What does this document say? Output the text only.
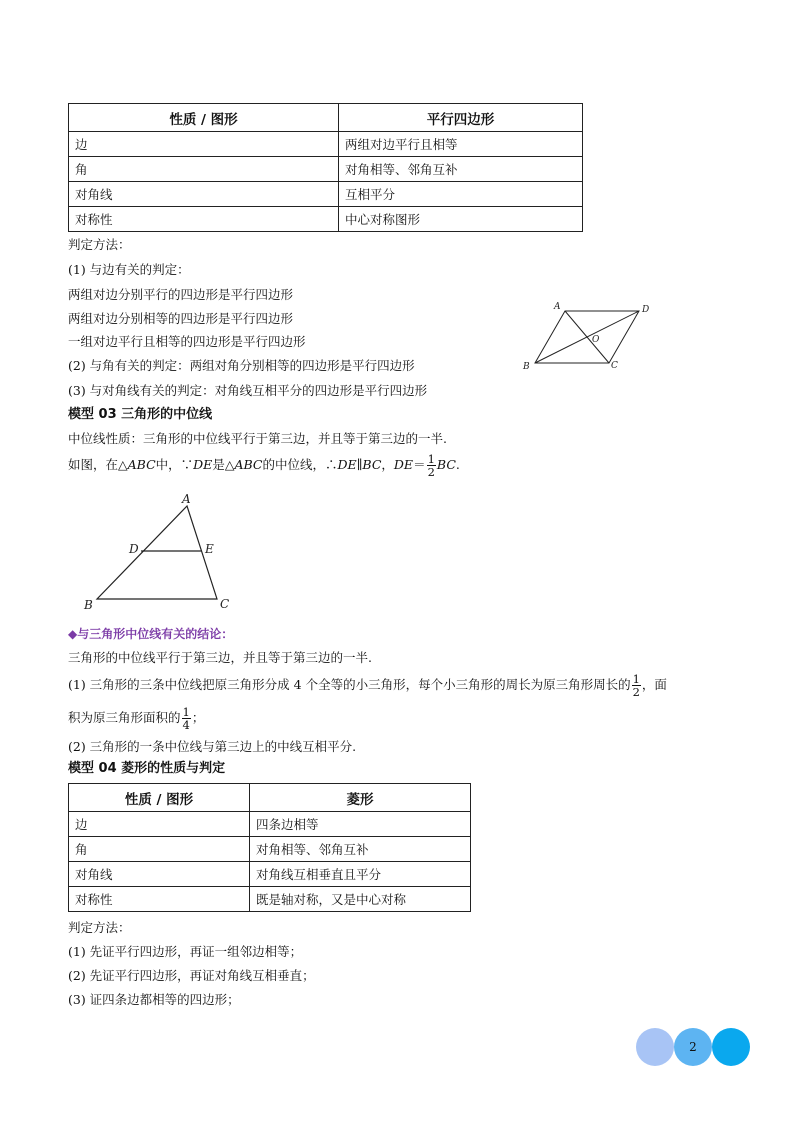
性质 / 图形	平行四边形
边	两组对边平行且相等
角	对角相等、邻角互补
对角线	互相平分
对称性	中心对称图形
判定方法：
(1) 与边有关的判定：
两组对边分别平行的四边形是平行四边形
两组对边分别相等的四边形是平行四边形
一组对边平行且相等的四边形是平行四边形
(2) 与角有关的判定：两组对角分别相等的四边形是平行四边形
(3) 与对角线有关的判定：对角线互相平分的四边形是平行四边形
A	D
B	C
O
模型 03 三角形的中位线
中位线性质：三角形的中位线平行于第三边，并且等于第三边的一半.
如图，在△ABC中，∵DE是△ABC的中位线，∴DE∥BC，$DE= \frac{1}{2}$ BC.
A
D	E
B	C
◆与三角形中位线有关的结论：
三角形的中位线平行于第三边，并且等于第三边的一半.
(1) 三角形的三条中位线把原三角形分成 4 个全等的小三角形，每个小三角形的周长为原三角形周长的 $\frac{1}{2}$ ，面
积为原三角形面积的 $\frac{1}{4}$ ；
(2) 三角形的一条中位线与第三边上的中线互相平分.
模型 04 菱形的性质与判定
性质 / 图形	菱形
边	四条边相等
角	对角相等、邻角互补
对角线	对角线互相垂直且平分
对称性	既是轴对称，又是中心对称
判定方法：
(1) 先证平行四边形，再证一组邻边相等；
(2) 先证平行四边形，再证对角线互相垂直；
(3) 证四条边都相等的四边形；
2
